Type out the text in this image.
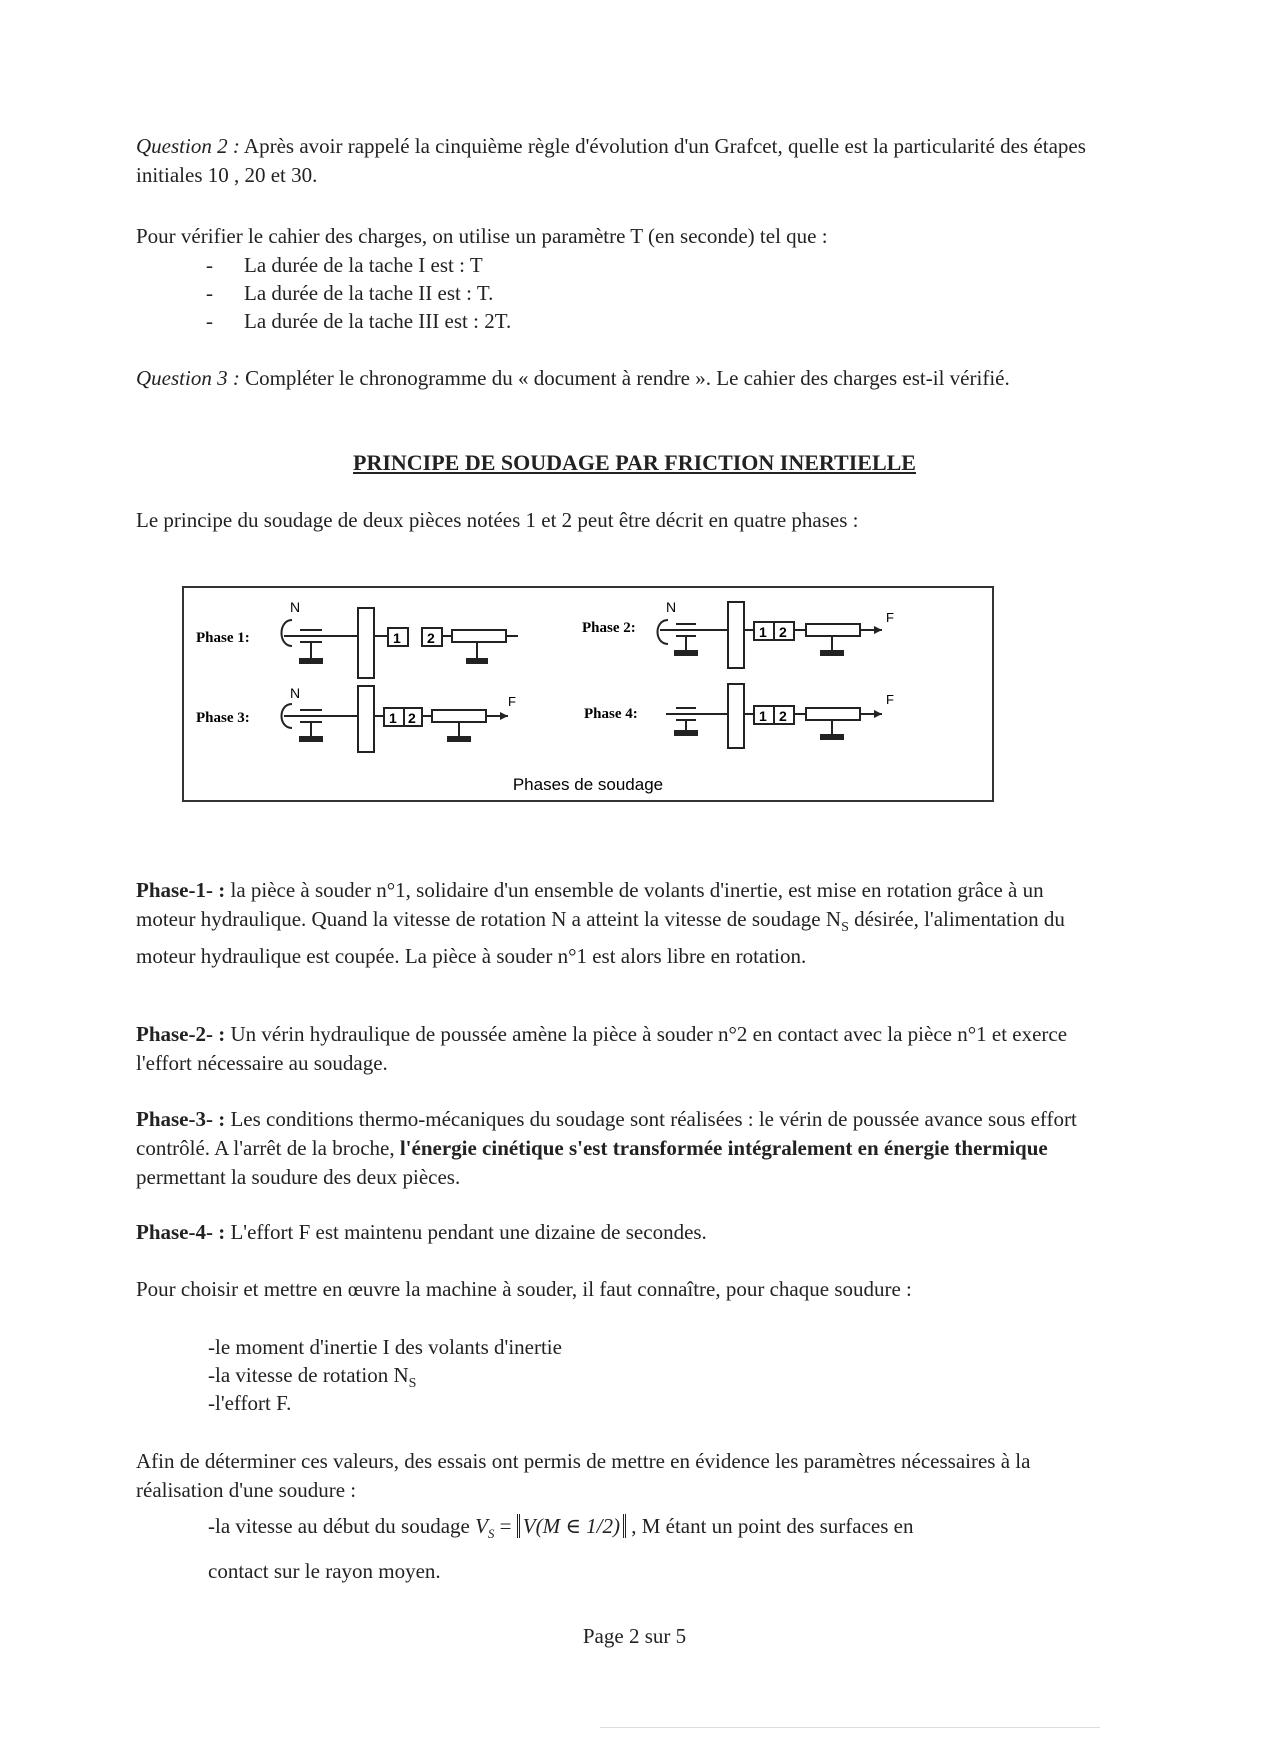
Question 2 : Après avoir rappelé la cinquième règle d'évolution d'un Grafcet, quelle est la particularité des étapes initiales 10 , 20 et 30.

Pour vérifier le cahier des charges, on utilise un paramètre T (en seconde) tel que :

- La durée de la tache I est : T
- La durée de la tache II est : T.
- La durée de la tache III est : 2T.

Question 3 : Compléter le chronogramme du « document à rendre ». Le cahier des charges est-il vérifié.

PRINCIPE DE SOUDAGE PAR FRICTION INERTIELLE

Le principe du soudage de deux pièces notées 1 et 2 peut être décrit en quatre phases :

Phase 1:
N
1 2
Phase 2:
N
1 2
F
Phase 3:
N
1 2
F
Phase 4:	1 2
F
Phases de soudage

Phase-1- : la pièce à souder n°1, solidaire d'un ensemble de volants d'inertie, est mise en rotation grâce à un moteur hydraulique. Quand la vitesse de rotation N a atteint la vitesse de soudage $N_S$ désirée, l'alimentation du moteur hydraulique est coupée. La pièce à souder n°1 est alors libre en rotation.

Phase-2- : Un vérin hydraulique de poussée amène la pièce à souder n°2 en contact avec la pièce n°1 et exerce l'effort nécessaire au soudage.

Phase-3- : Les conditions thermo-mécaniques du soudage sont réalisées : le vérin de poussée avance sous effort contrôlé. A l'arrêt de la broche, l'énergie cinétique s'est transformée intégralement en énergie thermique permettant la soudure des deux pièces.

Phase-4- : L'effort F est maintenu pendant une dizaine de secondes.

Pour choisir et mettre en œuvre la machine à souder, il faut connaître, pour chaque soudure :

-le moment d'inertie I des volants d'inertie
-la vitesse de rotation $N_S$
-l'effort F.

Afin de déterminer ces valeurs, des essais ont permis de mettre en évidence les paramètres nécessaires à la réalisation d'une soudure :

-la vitesse au début du soudage $V_S = V(M$ ∈ 1/2) , M étant un point des surfaces en
contact sur le rayon moyen.
Page 2 sur 5
